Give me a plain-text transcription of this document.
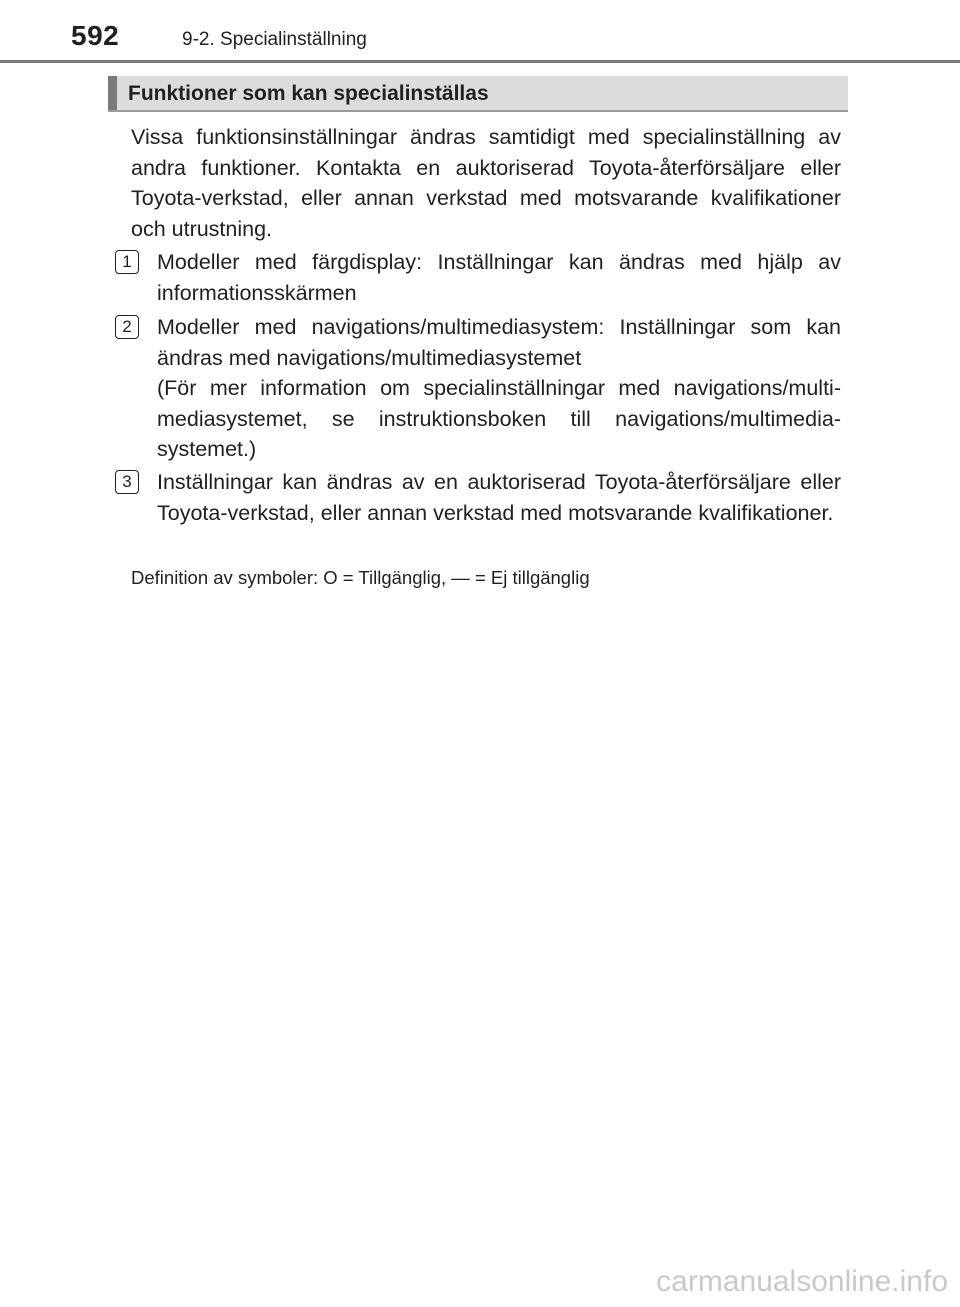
592	9-2. Specialinställning
Funktioner som kan specialinställas

Vissa funktionsinställningar ändras samtidigt med specialinställning av andra funktioner. Kontakta en auktoriserad Toyota-återförsäljare eller Toyota-verkstad, eller annan verkstad med motsvarande kvalifikationer och utrustning.

1	Modeller med färgdisplay: Inställningar kan ändras med hjälp av informationsskärmen

2	Modeller med navigations/multimediasystem: Inställningar som kan ändras med navigations/multimediasystemet

(För mer information om specialinställningar med navigations/multimediasystemet, se instruktionsboken till navigations/multimediasystemet.)

3	Inställningar kan ändras av en auktoriserad Toyota-återförsäljare eller Toyota-verkstad, eller annan verkstad med motsvarande kvalifikationer.

Definition av symboler: O = Tillgänglig, — = Ej tillgänglig

carmanualsonline.info
